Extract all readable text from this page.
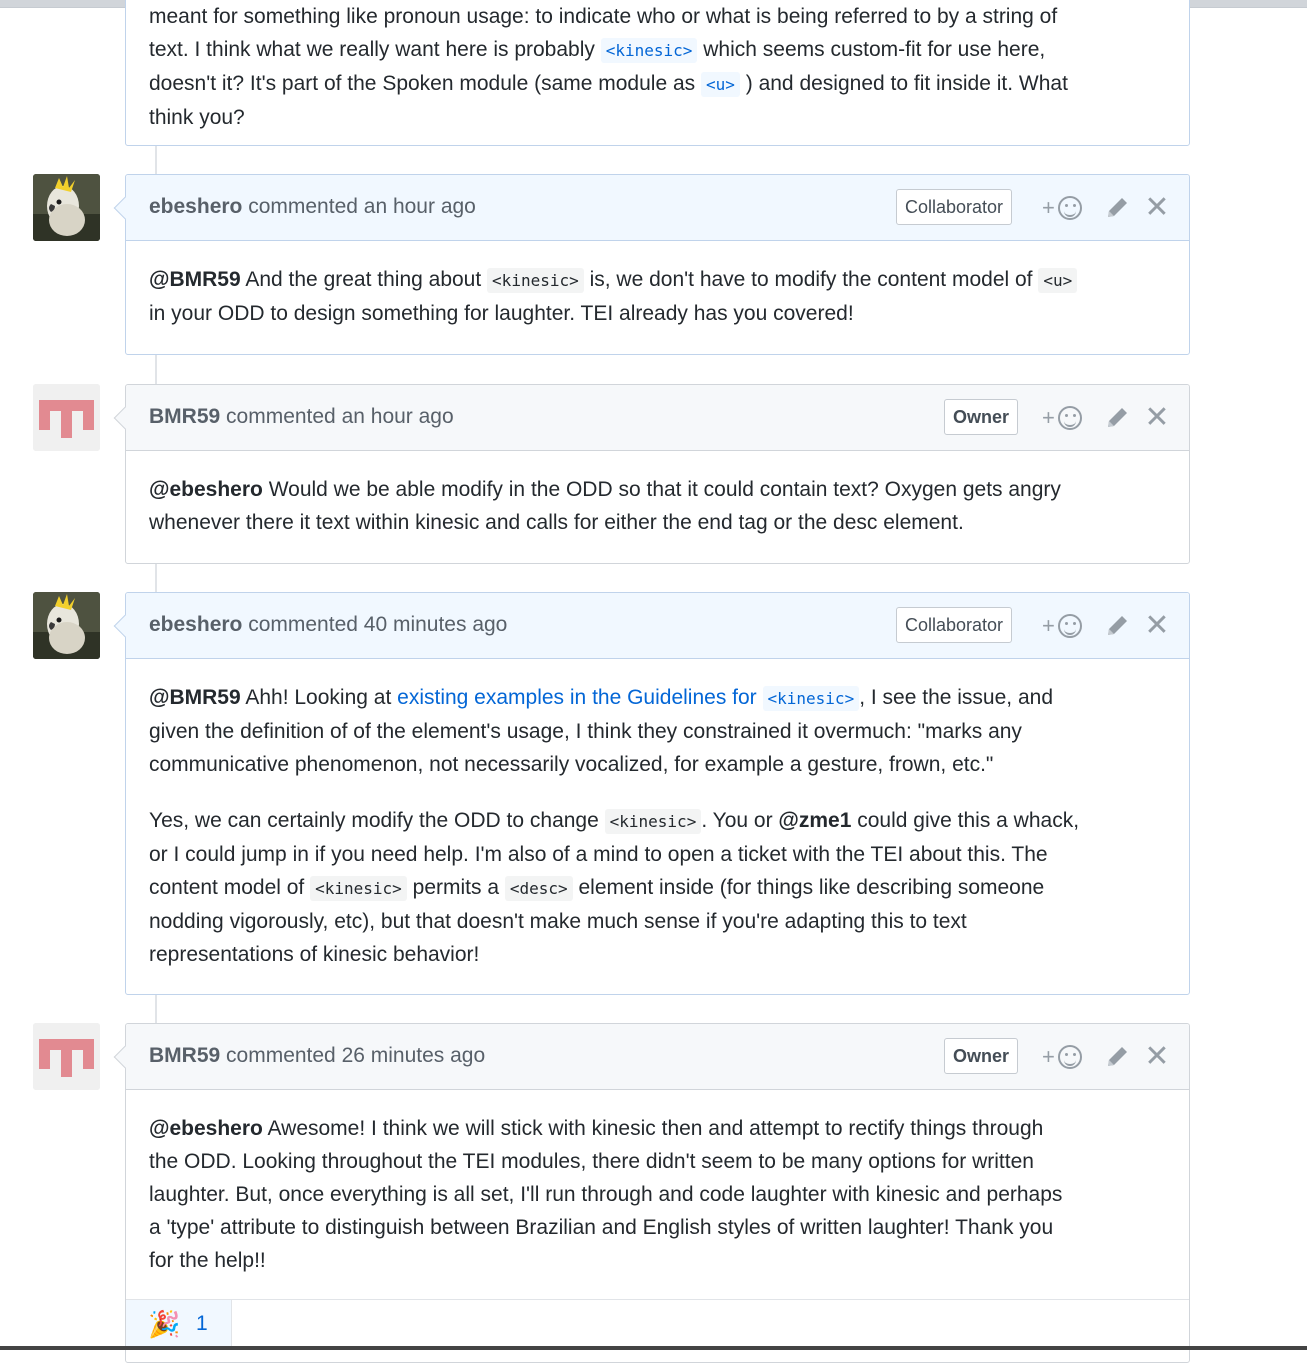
meant for something like pronoun usage: to indicate who or what is being referred to by a string of
text. I think what we really want here is probably <kinesic> which seems custom-fit for use here,
doesn't it? It's part of the Spoken module (same module as <u> ) and designed to fit inside it. What
think you?

ebeshero commented an hour ago	Collaborator	+	✕

@BMR59 And the great thing about <kinesic> is, we don't have to modify the content model of <u>
in your ODD to design something for laughter. TEI already has you covered!

BMR59 commented an hour ago	Owner	+	✕

@ebeshero Would we be able modify in the ODD so that it could contain text? Oxygen gets angry
whenever there it text within kinesic and calls for either the end tag or the desc element.

ebeshero commented 40 minutes ago	Collaborator	+	✕

@BMR59 Ahh! Looking at existing examples in the Guidelines for <kinesic> , I see the issue, and
given the definition of of the element's usage, I think they constrained it overmuch: "marks any
communicative phenomenon, not necessarily vocalized, for example a gesture, frown, etc."

Yes, we can certainly modify the ODD to change <kinesic> . You or @zme1 could give this a whack,
or I could jump in if you need help. I'm also of a mind to open a ticket with the TEI about this. The
content model of <kinesic> permits a <desc> element inside (for things like describing someone
nodding vigorously, etc), but that doesn't make much sense if you're adapting this to text
representations of kinesic behavior!

BMR59 commented 26 minutes ago	Owner	+	✕

@ebeshero Awesome! I think we will stick with kinesic then and attempt to rectify things through
the ODD. Looking throughout the TEI modules, there didn't seem to be many options for written
laughter. But, once everything is all set, I'll run through and code laughter with kinesic and perhaps
a 'type' attribute to distinguish between Brazilian and English styles of written laughter! Thank you
for the help!!

🎉 1
